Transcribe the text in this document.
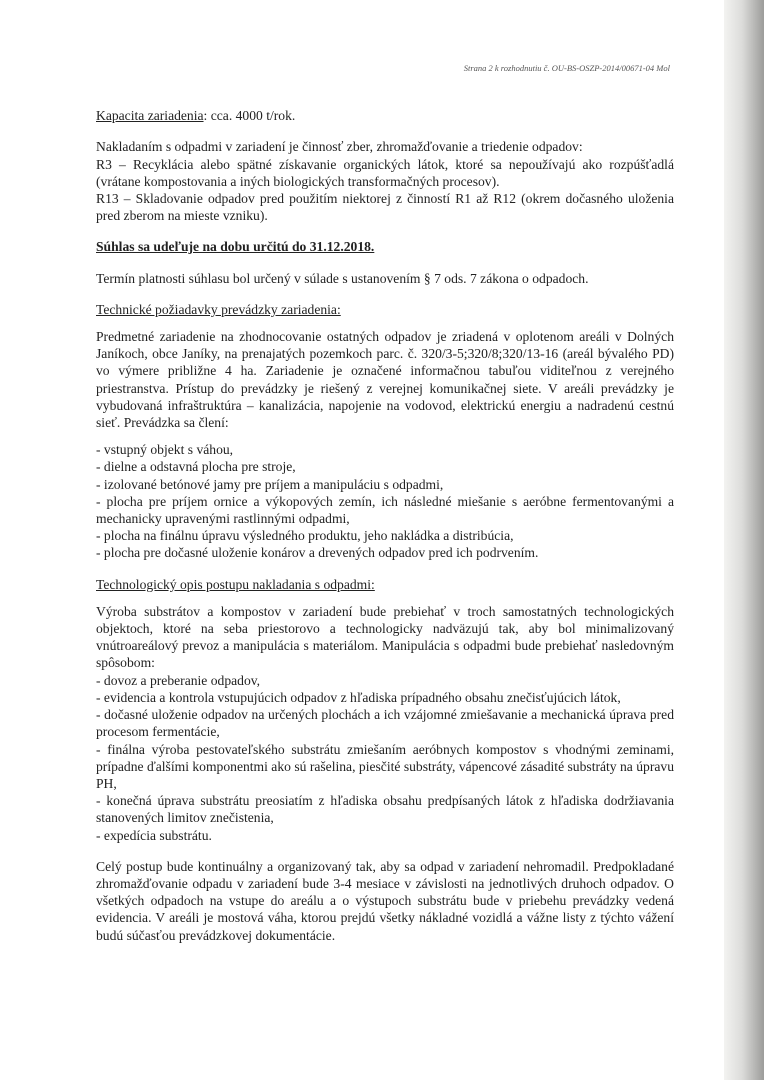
Strana 2 k rozhodnutiu č. OU-BS-OSZP-2014/00671-04 Mol

Kapacita zariadenia: cca. 4000 t/rok.

Nakladaním s odpadmi v zariadení je činnosť zber, zhromažďovanie a triedenie odpadov:

R3 – Recyklácia alebo spätné získavanie organických látok, ktoré sa nepoužívajú ako rozpúšťadlá (vrátane kompostovania a iných biologických transformačných procesov).

R13 – Skladovanie odpadov pred použitím niektorej z činností R1 až R12 (okrem dočasného uloženia pred zberom na mieste vzniku).

Súhlas sa udeľuje na dobu určitú do 31.12.2018.

Termín platnosti súhlasu bol určený v súlade s ustanovením § 7 ods. 7 zákona o odpadoch.

Technické požiadavky prevádzky zariadenia:

Predmetné zariadenie na zhodnocovanie ostatných odpadov je zriadená v oplotenom areáli v Dolných Janíkoch, obce Janíky, na prenajatých pozemkoch parc. č. 320/3-5;320/8;320/13-16 (areál bývalého PD) vo výmere približne 4 ha. Zariadenie je označené informačnou tabuľou viditeľnou z verejného priestranstva. Prístup do prevádzky je riešený z verejnej komunikačnej siete. V areáli prevádzky je vybudovaná infraštruktúra – kanalizácia, napojenie na vodovod, elektrickú energiu a nadradenú cestnú sieť. Prevádzka sa člení:

- vstupný objekt s váhou,
- dielne a odstavná plocha pre stroje,
- izolované betónové jamy pre príjem a manipuláciu s odpadmi,
- plocha pre príjem ornice a výkopových zemín, ich následné miešanie s aeróbne fermentovanými a mechanicky upravenými rastlinnými odpadmi,
- plocha na finálnu úpravu výsledného produktu, jeho nakládka a distribúcia,
- plocha pre dočasné uloženie konárov a drevených odpadov pred ich podrvením.

Technologický opis postupu nakladania s odpadmi:

Výroba substrátov a kompostov v zariadení bude prebiehať v troch samostatných technologických objektoch, ktoré na seba priestorovo a technologicky nadväzujú tak, aby bol minimalizovaný vnútroareálový prevoz a manipulácia s materiálom. Manipulácia s odpadmi bude prebiehať nasledovným spôsobom:

- dovoz a preberanie odpadov,
- evidencia a kontrola vstupujúcich odpadov z hľadiska prípadného obsahu znečisťujúcich látok,
- dočasné uloženie odpadov na určených plochách a ich vzájomné zmiešavanie a mechanická úprava pred procesom fermentácie,
- finálna výroba pestovateľského substrátu zmiešaním aeróbnych kompostov s vhodnými zeminami, prípadne ďalšími komponentmi ako sú rašelina, piesčité substráty, vápencové zásadité substráty na úpravu PH,
- konečná úprava substrátu preosiatím z hľadiska obsahu predpísaných látok z hľadiska dodržiavania stanovených limitov znečistenia,
- expedícia substrátu.

Celý postup bude kontinuálny a organizovaný tak, aby sa odpad v zariadení nehromadil. Predpokladané zhromažďovanie odpadu v zariadení bude 3-4 mesiace v závislosti na jednotlivých druhoch odpadov. O všetkých odpadoch na vstupe do areálu a o výstupoch substrátu bude v priebehu prevádzky vedená evidencia. V areáli je mostová váha, ktorou prejdú všetky nákladné vozidlá a vážne listy z týchto vážení budú súčasťou prevádzkovej dokumentácie.
